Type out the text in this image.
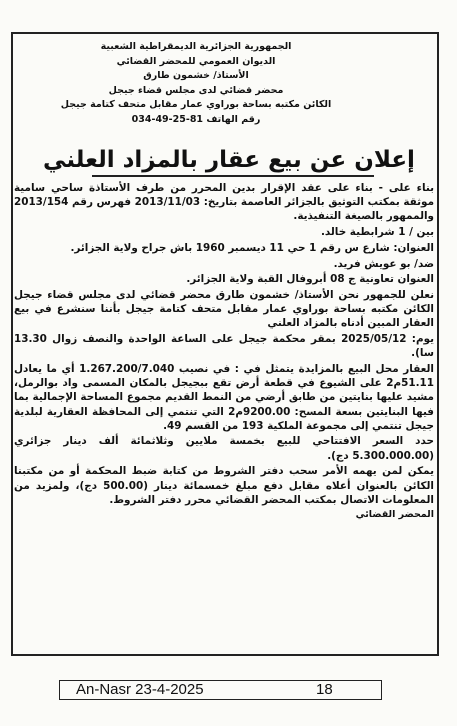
الجمهورية الجزائرية الديمقراطية الشعبية
الديوان العمومي للمحضر القضائي
الأستاذ/ خشمون طارق
محضر قضائي لدى مجلس قضاء جيجل
الكائن مكتبه بساحة بوراوي عمار مقابل متحف كتامة جيجل
رقم الهاتف 81-25-49-034
إعلان عن بيع عقار بالمزاد العلني

بناء على - بناء على عقد الإقرار بدين المحرر من طرف الأستاذة ساحي سامية موثقة بمكتب التوثيق بالجزائر العاصمة بتاريخ: 2013/11/03 فهرس رقم 2013/154 والممهور بالصيغة التنفيذية.

بين / 1 شرابطية خالد.

العنوان: شارع س رقم 1 حي 11 ديسمبر 1960 باش جراح ولاية الجزائر.

ضد/ بو عويش فريد.

العنوان تعاونية ج 08 أبروفال القبة ولاية الجزائر.

نعلن للجمهور نحن الأستاذ/ خشمون طارق محضر قضائي لدى مجلس قضاء جيجل الكائن مكتبه بساحة بوراوي عمار مقابل متحف كتامة جيجل بأننا سنشرع في بيع العقار المبين أدناه بالمزاد العلني

يوم: 2025/05/12 بمقر محكمة جيجل على الساعة الواحدة والنصف زوال 13.30 سا).

العقار محل البيع بالمزايدة يتمثل في : في نصيب 1.267.200/7.040 أي ما يعادل 51.11م2 على الشيوع في قطعة أرض تقع ببجيجل بالمكان المسمى واد بوالرمل، مشيد عليها بنايتين من طابق أرضي من النمط القديم مجموع المساحة الإجمالية بما فيها البنايتين بسعة المسح: 9200.00م2 التي تنتمي إلى المحافظة العقارية لبلدية جيجل تنتمي إلى مجموعة الملكية 193 من القسم 49.

حدد السعر الافتتاحي للبيع بخمسة ملايين وثلاثمائة ألف دينار جزائري (5.300.000.00 دج).

يمكن لمن يهمه الأمر سحب دفتر الشروط من كتابة ضبط المحكمة أو من مكتبنا الكائن بالعنوان أعلاه مقابل دفع مبلغ خمسمائة دينار (500.00 دج)، ولمزيد من المعلومات الاتصال بمكتب المحضر القضائي محرر دفتر الشروط.

المحضر القضائي

An-Nasr 23-4-2025	18
